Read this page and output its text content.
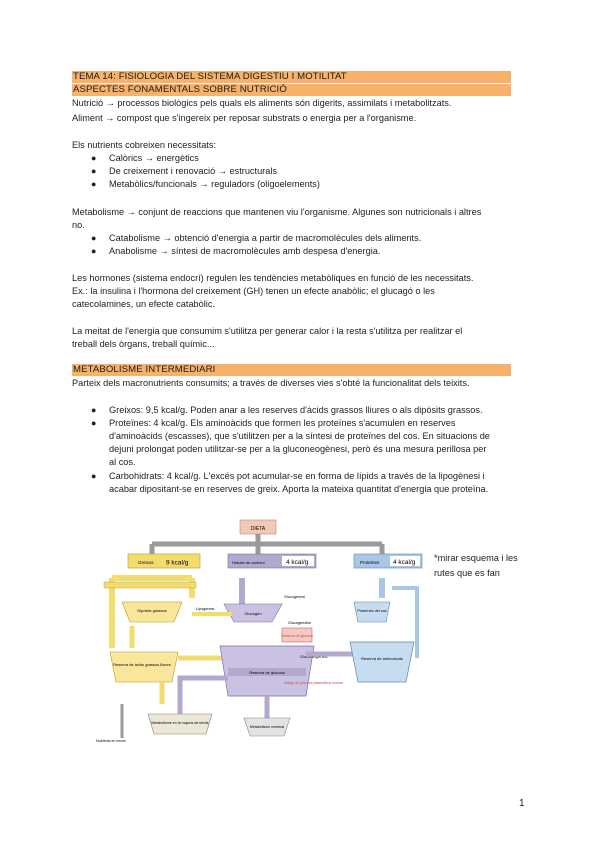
TEMA 14: FISIOLOGIA DEL SISTEMA DIGESTIU I MOTILITAT
ASPECTES FONAMENTALS SOBRE NUTRICIÓ
Nutrició → processos biològics pels quals els aliments són digerits, assimilats i metabolitzats.
Aliment → compost que s'ingereix per reposar substrats o energia per a l'organisme.
Els nutrients cobreixen necessitats:
● Calòrics → energètics
● De creixement i renovació → estructurals
● Metabòlics/funcionals → reguladors (oligoelements)
Metabolisme → conjunt de reaccions que mantenen viu l'organisme. Algunes son nutricionals i altres
no.
● Catabolisme → obtenció d'energia a partir de macromolècules dels aliments.
● Anabolisme → síntesi de macromolècules amb despesa d'energia.
Les hormones (sistema endocrí) regulen les tendències metabòliques en funció de les necessitats.
Ex.: la insulina i l'hormona del creixement (GH) tenen un efecte anabòlic; el glucagó o les
catecolamines, un efecte catabòlic.
La meitat de l'energia que consumim s'utilitza per generar calor i la resta s'utilitza per realitzar el
treball dels òrgans, treball químic...
METABOLISME INTERMEDIARI
Parteix dels macronutrients consumits; a través de diverses vies s'obté la funcionalitat dels teixits.
● Greixos: 9,5 kcal/g. Poden anar a les reserves d'àcids grassos lliures o als dipòsits grassos.
● Proteïnes: 4 kcal/g. Els aminoàcids que formen les proteïnes s'acumulen en reserves
d'aminoàcids (escasses), que s'utilitzen per a la síntesi de proteïnes del cos. En situacions de
dejuni prolongat poden utilitzar-se per a la gluconeogènesi, però és una mesura perillosa per
al cos.
● Carbohidrats: 4 kcal/g. L'excés pot acumular-se en forma de lípids a través de la lipogènesi i
acabar dipositant-se en reserves de greix. Aporta la mateixa quantitat d'energia que proteïna.
DIETA
Greixos 9 kcal/g	Hidrats de carboni	4 kcal/g	Proteïnes 4 kcal/g
Dipòsits grassos
Reserva de àcids grassos lliures
Glucògen
Lipogènesi
Glucogènesi
Glucogenòlisi
Reserva de glucosa
Reserva de glucosa
Marge de glucosa plasmàtica normal
Gluconeogènesi
Proteïnes del cos
Reserva de aminoàcids
Metabolisme en la majoria de teixits
Metabolisme cerebral
Nutrients en excés
*mirar esquema i les rutes que es fan
1
